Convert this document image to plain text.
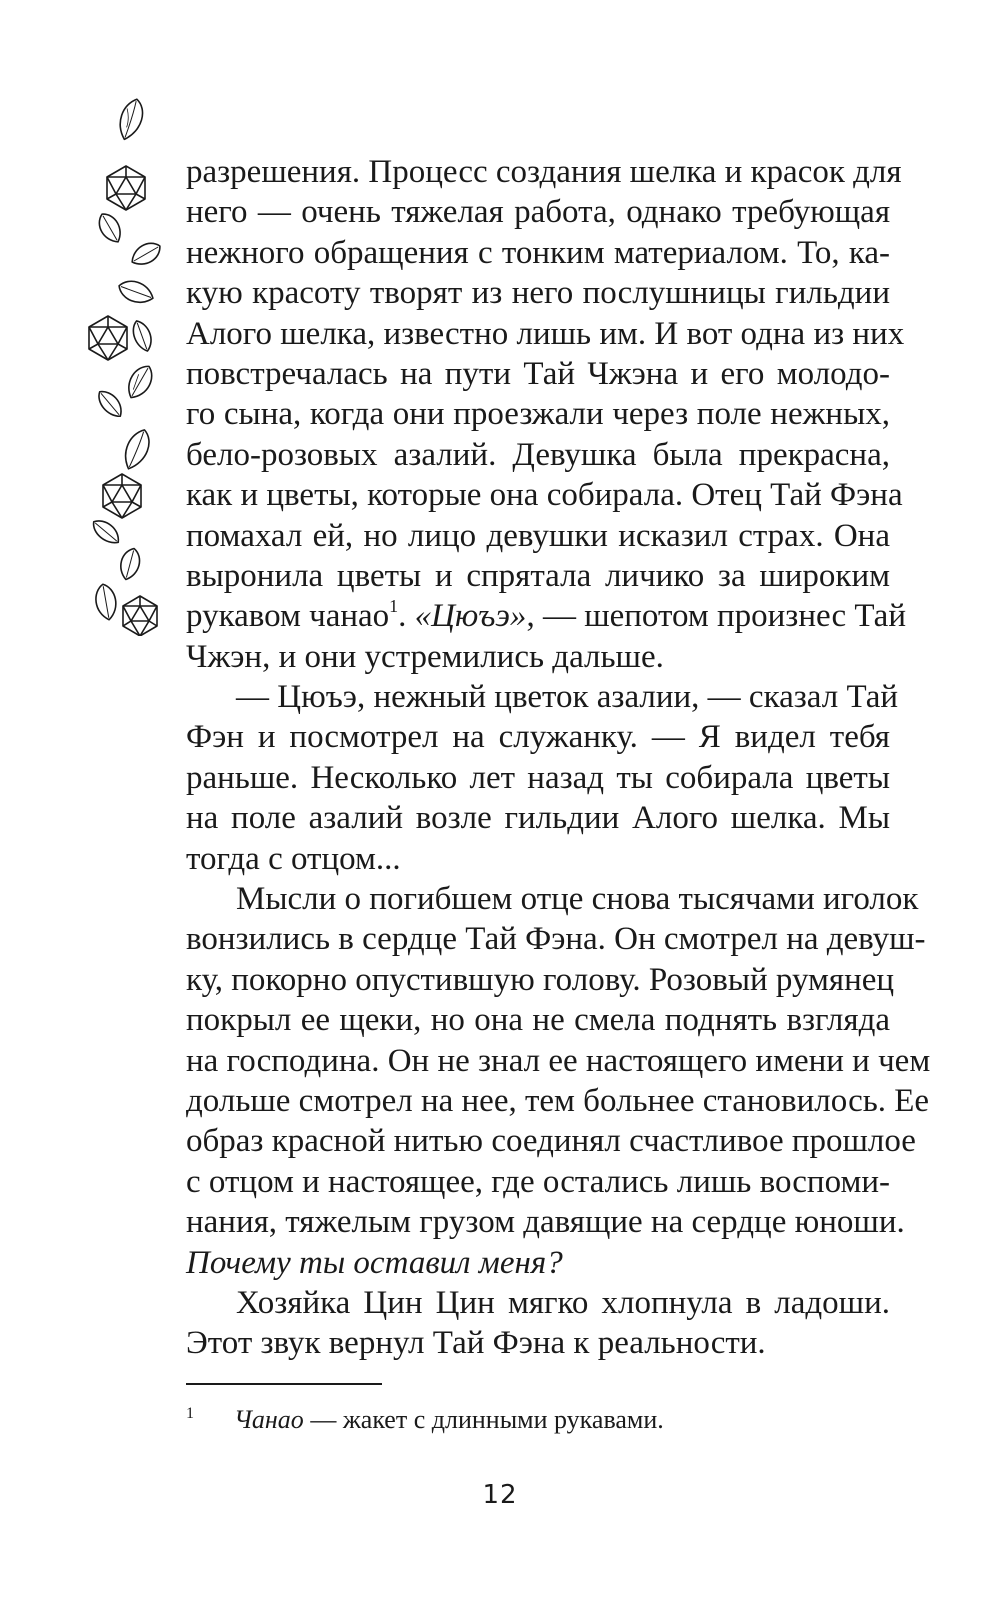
разрешения. Процесс создания шелка и красок для
него — очень тяжелая работа, однако требующая
нежного обращения с тонким материалом. То, ка-
кую красоту творят из него послушницы гильдии
Алого шелка, известно лишь им. И вот одна из них
повстречалась на пути Тай Чжэна и его молодо-
го сына, когда они проезжали через поле нежных,
бело-розовых азалий. Девушка была прекрасна,
как и цветы, которые она собирала. Отец Тай Фэна
помахал ей, но лицо девушки исказил страх. Она
выронила цветы и спрятала личико за широким
рукавом чанао$^1$. «Цюъэ», — шепотом произнес Тай
Чжэн, и они устремились дальше.
— Цюъэ, нежный цветок азалии, — сказал Тай
Фэн и посмотрел на служанку. — Я видел тебя
раньше. Несколько лет назад ты собирала цветы
на поле азалий возле гильдии Алого шелка. Мы
тогда с отцом...
Мысли о погибшем отце снова тысячами иголок
вонзились в сердце Тай Фэна. Он смотрел на девуш-
ку, покорно опустившую голову. Розовый румянец
покрыл ее щеки, но она не смела поднять взгляда
на господина. Он не знал ее настоящего имени и чем
дольше смотрел на нее, тем больнее становилось. Ее
образ красной нитью соединял счастливое прошлое
с отцом и настоящее, где остались лишь воспоми-
нания, тяжелым грузом давящие на сердце юноши.
Почему ты оставил меня?
Хозяйка Цин Цин мягко хлопнула в ладоши.
Этот звук вернул Тай Фэна к реальности.
1 Чанао — жакет с длинными рукавами.
12
